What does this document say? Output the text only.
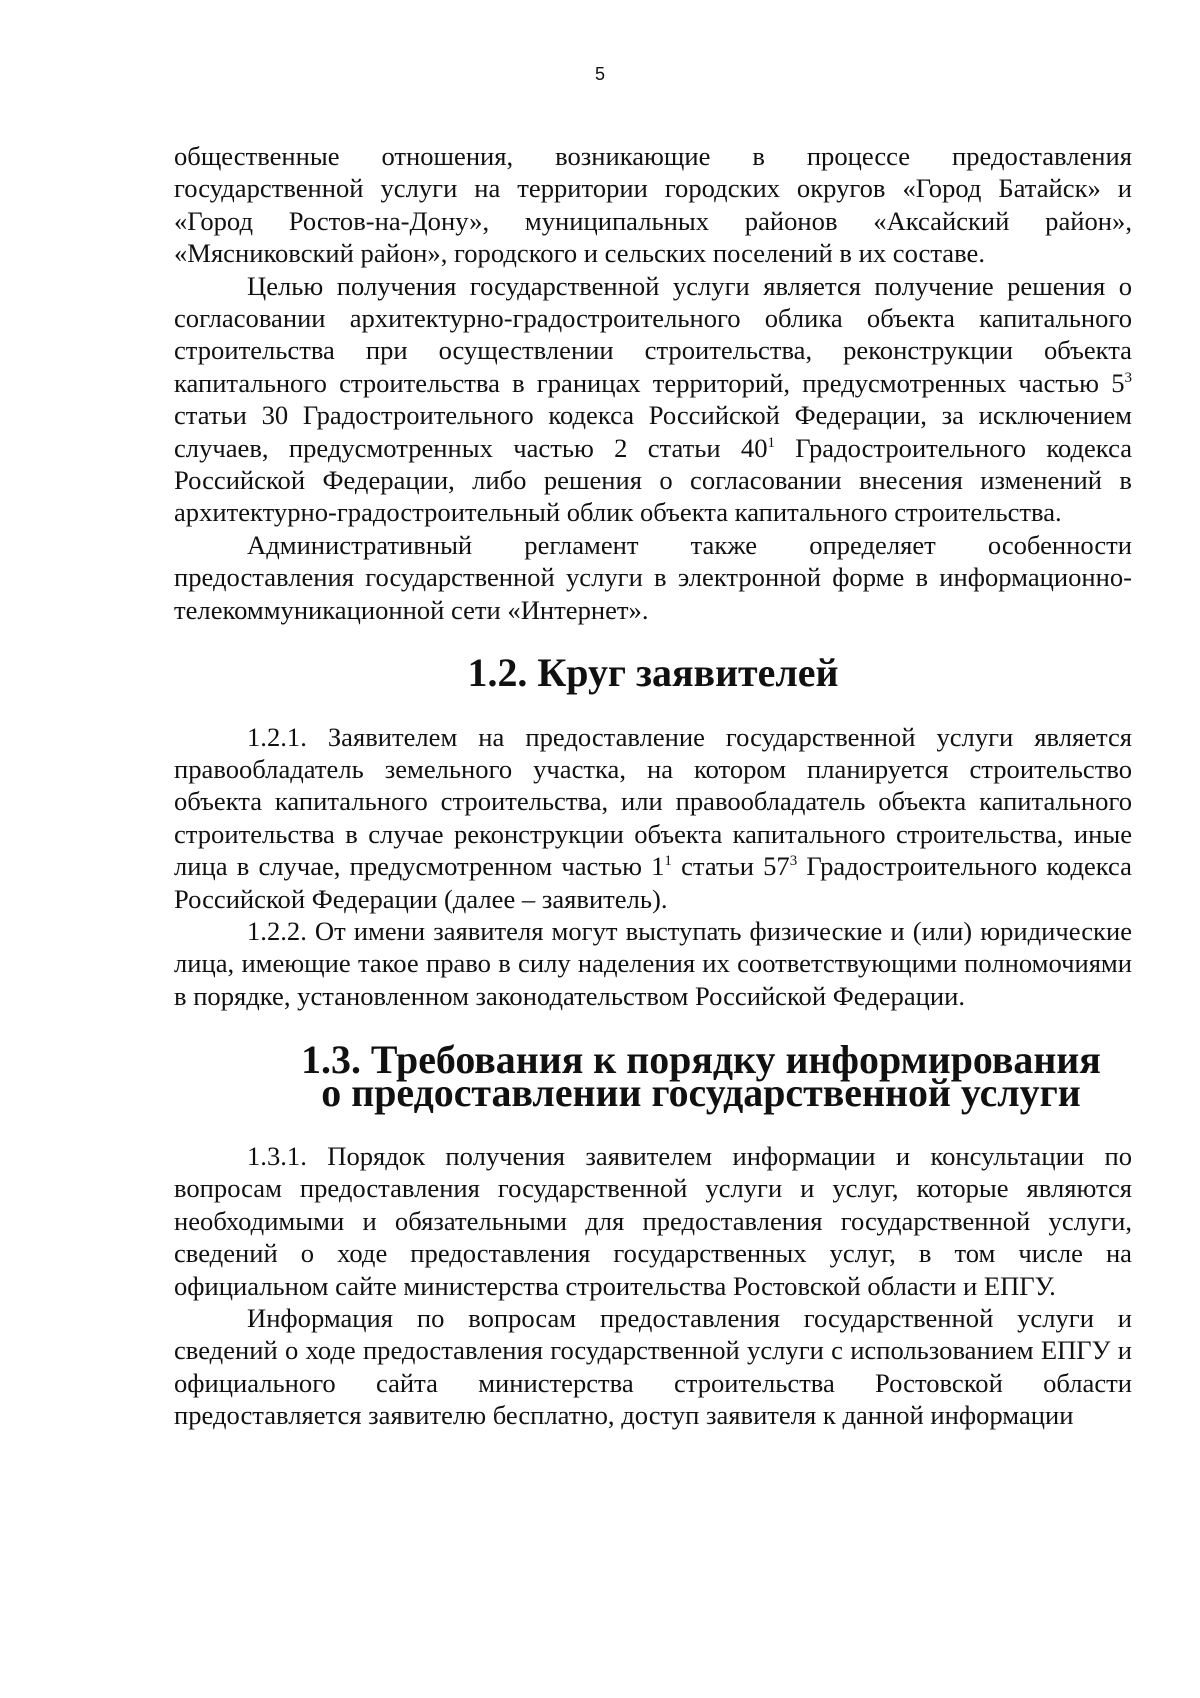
5

общественные отношения, возникающие в процессе предоставления государственной услуги на территории городских округов «Город Батайск» и «Город Ростов-на-Дону», муниципальных районов «Аксайский район», «Мясниковский район», городского и сельских поселений в их составе.

Целью получения государственной услуги является получение решения о согласовании архитектурно-градостроительного облика объекта капитального строительства при осуществлении строительства, реконструкции объекта капитального строительства в границах территорий, предусмотренных частью $5^3$ статьи 30 Градостроительного кодекса Российской Федерации, за исключением случаев, предусмотренных частью 2 статьи $40^1$ Градостроительного кодекса Российской Федерации, либо решения о согласовании внесения изменений в архитектурно-градостроительный облик объекта капитального строительства.

Административный регламент также определяет особенности предоставления государственной услуги в электронной форме в информационно-телекоммуникационной сети «Интернет».

1.2. Круг заявителей

1.2.1. Заявителем на предоставление государственной услуги является правообладатель земельного участка, на котором планируется строительство объекта капитального строительства, или правообладатель объекта капитального строительства в случае реконструкции объекта капитального строительства, иные лица в случае, предусмотренном частью $1^1$ статьи $57^3$ Градостроительного кодекса Российской Федерации (далее – заявитель).

1.2.2. От имени заявителя могут выступать физические и (или) юридические лица, имеющие такое право в силу наделения их соответствующими полномочиями в порядке, установленном законодательством Российской Федерации.

1.3. Требования к порядку информирования
о предоставлении государственной услуги

1.3.1. Порядок получения заявителем информации и консультации по вопросам предоставления государственной услуги и услуг, которые являются необходимыми и обязательными для предоставления государственной услуги, сведений о ходе предоставления государственных услуг, в том числе на официальном сайте министерства строительства Ростовской области и ЕПГУ.

Информация по вопросам предоставления государственной услуги и сведений о ходе предоставления государственной услуги с использованием ЕПГУ и официального сайта министерства строительства Ростовской области предоставляется заявителю бесплатно, доступ заявителя к данной информации
